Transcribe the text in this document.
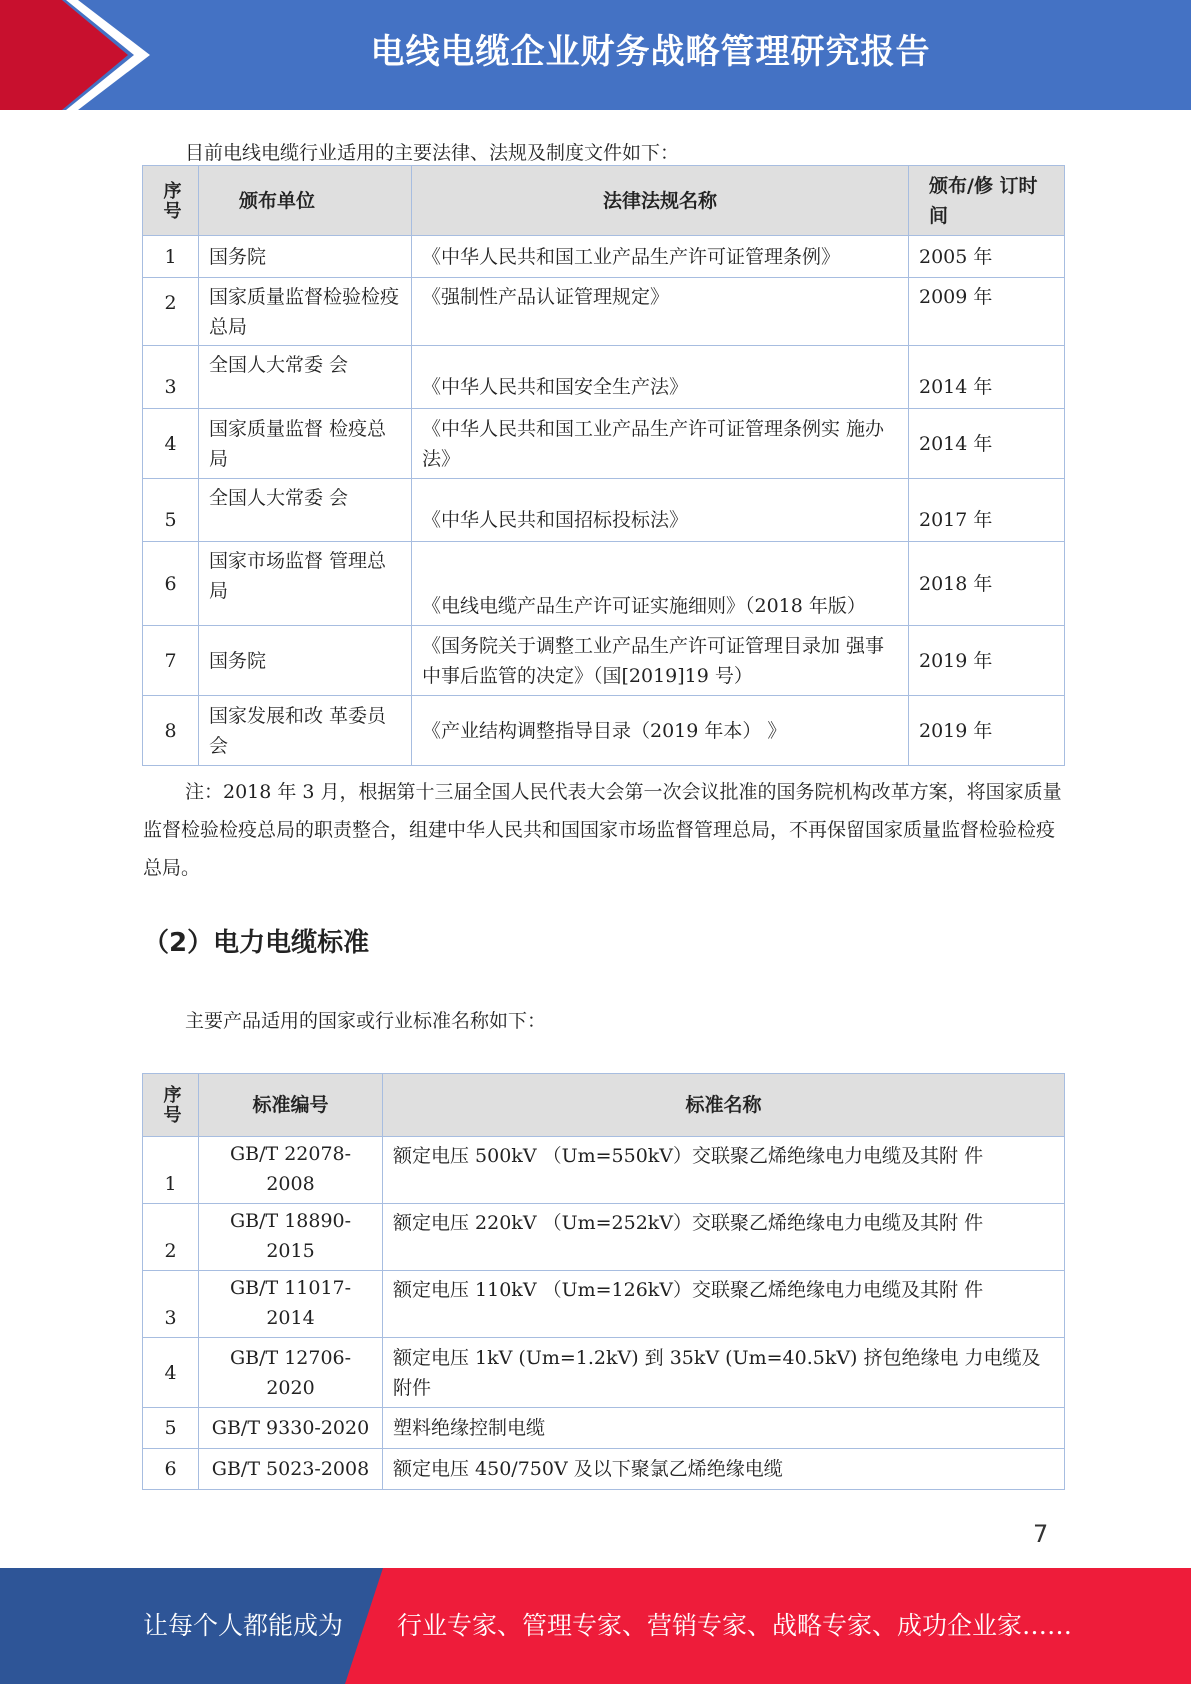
电线电缆企业财务战略管理研究报告
目前电线电缆行业适用的主要法律、法规及制度文件如下：
序号	颁布单位	法律法规名称	颁布/修 订时间
1	国务院	《中华人民共和国工业产品生产许可证管理条例》	2005 年
2	国家质量监督检验检疫总局	《强制性产品认证管理规定》	2009 年
3	全国人大常委 会	《中华人民共和国安全生产法》	2014 年
4	国家质量监督 检疫总局	《中华人民共和国工业产品生产许可证管理条例实 施办法》	2014 年
5	全国人大常委 会	《中华人民共和国招标投标法》	2017 年
6	国家市场监督 管理总局	《电线电缆产品生产许可证实施细则》（2018 年版）	2018 年
7	国务院	《国务院关于调整工业产品生产许可证管理目录加 强事中事后监管的决定》（国[2019]19 号）	2019 年
8	国家发展和改 革委员会	《产业结构调整指导目录（2019 年本） 》	2019 年
注：2018 年 3 月，根据第十三届全国人民代表大会第一次会议批准的国务院机构改革方案，将国家质量监督检验检疫总局的职责整合，组建中华人民共和国国家市场监督管理总局，不再保留国家质量监督检验检疫总局。
（2）电力电缆标准
主要产品适用的国家或行业标准名称如下：
序号	标准编号	标准名称
1	GB/T 22078-2008	额定电压 500kV （Um=550kV）交联聚乙烯绝缘电力电缆及其附 件
2	GB/T 18890-2015	额定电压 220kV （Um=252kV）交联聚乙烯绝缘电力电缆及其附 件
3	GB/T 11017-2014	额定电压 110kV （Um=126kV）交联聚乙烯绝缘电力电缆及其附 件
4	GB/T 12706-2020	额定电压 1kV (Um=1.2kV) 到 35kV (Um=40.5kV) 挤包绝缘电 力电缆及附件
5	GB/T 9330-2020	塑料绝缘控制电缆
6	GB/T 5023-2008	额定电压 450/750V 及以下聚氯乙烯绝缘电缆
7
让每个人都能成为 行业专家、管理专家、营销专家、战略专家、成功企业家……
